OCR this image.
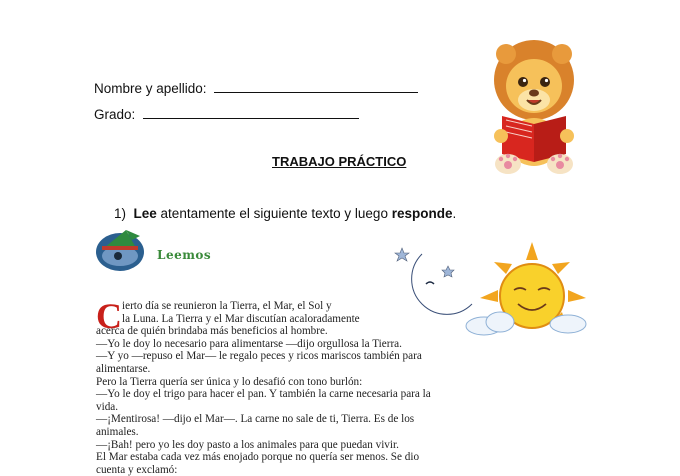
Nombre y apellido:
Grado:
TRABAJO PRÁCTICO
1) Lee atentamente el siguiente texto y luego responde.
Leemos
C ierto día se reunieron la Tierra, el Mar, el Sol y
la Luna. La Tierra y el Mar discutían acaloradamente
acerca de quién brindaba más beneficios al hombre.
—Yo le doy lo necesario para alimentarse —dijo orgullosa la Tierra.
—Y yo —repuso el Mar— le regalo peces y ricos mariscos también para
alimentarse.
Pero la Tierra quería ser única y lo desafió con tono burlón:
—Yo le doy el trigo para hacer el pan. Y también la carne necesaria para la
vida.
—¡Mentirosa! —dijo el Mar—. La carne no sale de ti, Tierra. Es de los
animales.
—¡Bah! pero yo les doy pasto a los animales para que puedan vivir.
El Mar estaba cada vez más enojado porque no quería ser menos. Se dio
cuenta y exclamó:
